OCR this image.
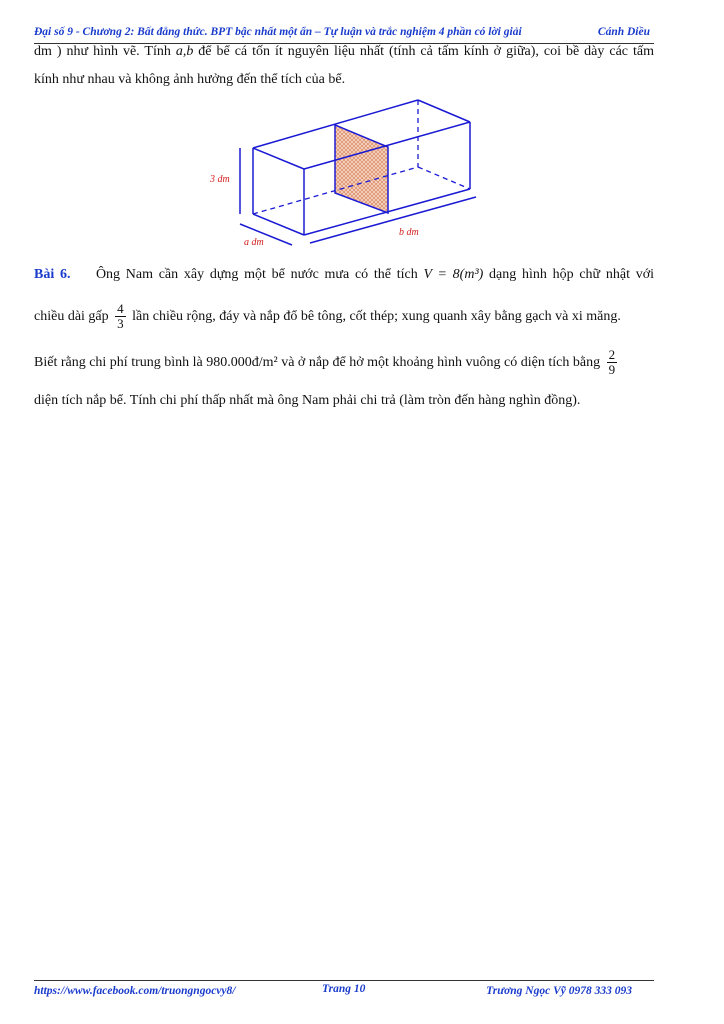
Đại số 9 - Chương 2: Bất đẳng thức. BPT bậc nhất một ẩn – Tự luận và trắc nghiệm 4 phần có lời giải	Cánh Diều
dm ) như hình vẽ. Tính a,b để bể cá tốn ít nguyên liệu nhất (tính cả tấm kính ở giữa), coi bề dày các tấm
kính như nhau và không ảnh hưởng đến thể tích của bể.
3 dm
a dm
b dm
Bài 6. Ông Nam cần xây dựng một bể nước mưa có thể tích V = 8(m³) dạng hình hộp chữ nhật với
chiều dài gấp $\frac{4}{3}$ lần chiều rộng, đáy và nắp đổ bê tông, cốt thép; xung quanh xây bằng gạch và xi măng.
Biết rằng chi phí trung bình là 980.000đ/m² và ở nắp để hở một khoảng hình vuông có diện tích bằng $\frac{2}{9}$
diện tích nắp bể. Tính chi phí thấp nhất mà ông Nam phải chi trả (làm tròn đến hàng nghìn đồng).
https://www.facebook.com/truongngocvy8/	Trang 10	Trương Ngọc Vỹ 0978 333 093
